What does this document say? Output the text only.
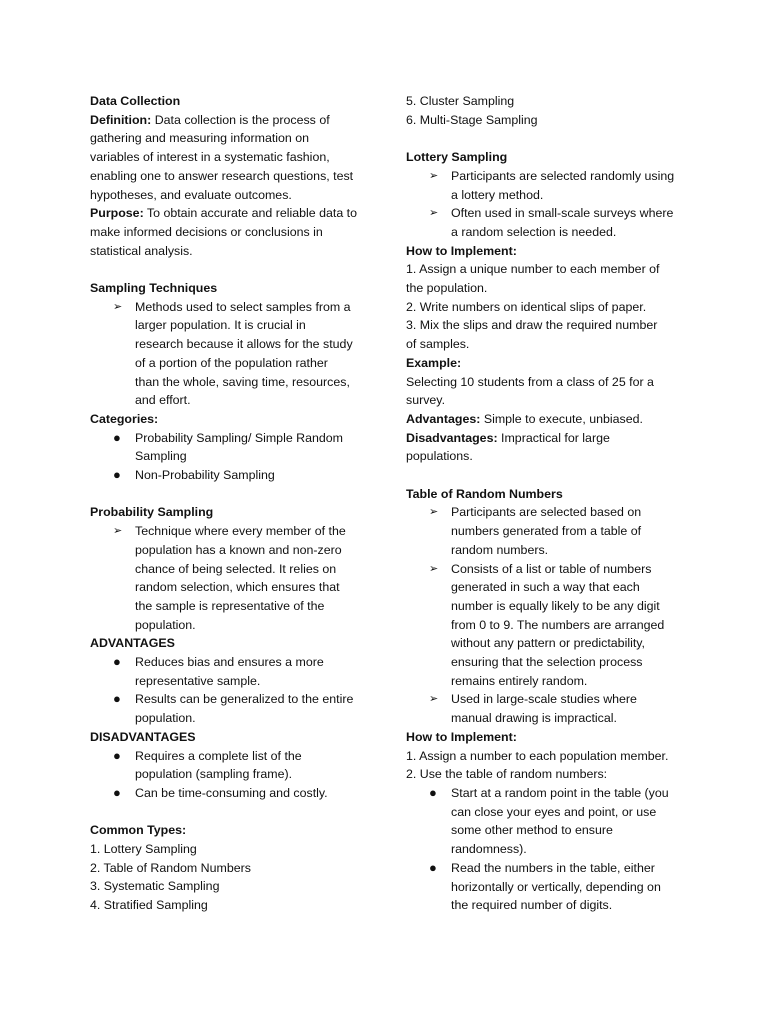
Data Collection
Definition: Data collection is the process of
gathering and measuring information on
variables of interest in a systematic fashion,
enabling one to answer research questions, test
hypotheses, and evaluate outcomes.
Purpose: To obtain accurate and reliable data to
make informed decisions or conclusions in
statistical analysis.
Sampling Techniques
➢	Methods used to select samples from a
larger population. It is crucial in
research because it allows for the study
of a portion of the population rather
than the whole, saving time, resources,
and effort.
Categories:
●	Probability Sampling/ Simple Random
Sampling
●	Non-Probability Sampling
Probability Sampling
➢	Technique where every member of the
population has a known and non-zero
chance of being selected. It relies on
random selection, which ensures that
the sample is representative of the
population.
ADVANTAGES
●	Reduces bias and ensures a more
representative sample.
●	Results can be generalized to the entire
population.
DISADVANTAGES
●	Requires a complete list of the
population (sampling frame).
●	Can be time-consuming and costly.
Common Types:
1. Lottery Sampling
2. Table of Random Numbers
3. Systematic Sampling
4. Stratified Sampling
5. Cluster Sampling
6. Multi-Stage Sampling
Lottery Sampling
➢	Participants are selected randomly using
a lottery method.
➢	Often used in small-scale surveys where
a random selection is needed.
How to Implement:
1. Assign a unique number to each member of
the population.
2. Write numbers on identical slips of paper.
3. Mix the slips and draw the required number
of samples.
Example:
Selecting 10 students from a class of 25 for a
survey.
Advantages: Simple to execute, unbiased.
Disadvantages: Impractical for large
populations.
Table of Random Numbers
➢	Participants are selected based on
numbers generated from a table of
random numbers.
➢	Consists of a list or table of numbers
generated in such a way that each
number is equally likely to be any digit
from 0 to 9. The numbers are arranged
without any pattern or predictability,
ensuring that the selection process
remains entirely random.
➢	Used in large-scale studies where
manual drawing is impractical.
How to Implement:
1. Assign a number to each population member.
2. Use the table of random numbers:
●	Start at a random point in the table (you
can close your eyes and point, or use
some other method to ensure
randomness).
●	Read the numbers in the table, either
horizontally or vertically, depending on
the required number of digits.
